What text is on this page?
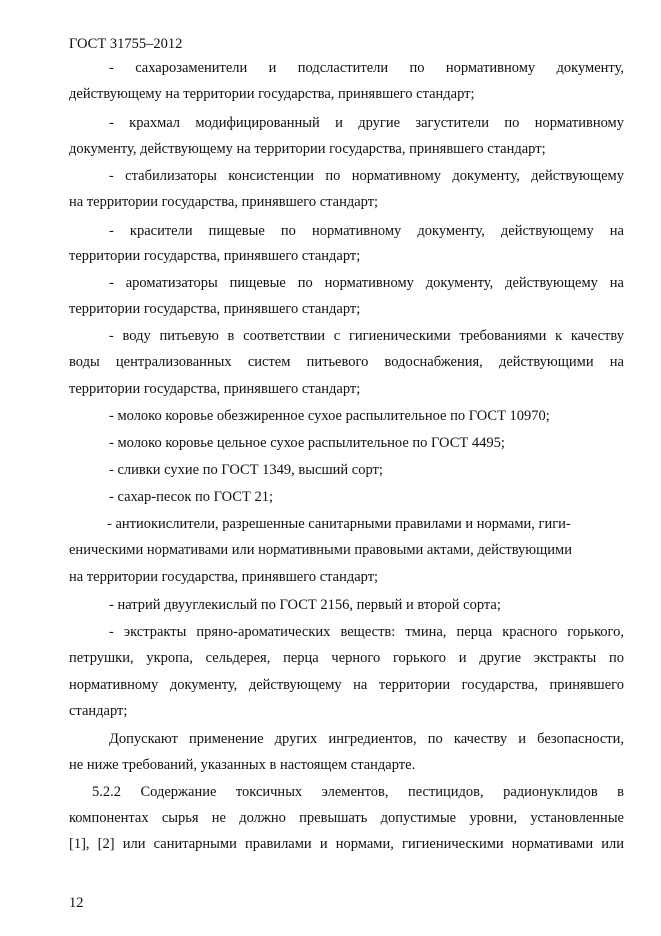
ГОСТ 31755–2012
- сахарозаменители и подсластители по нормативному документу,
действующему на территории государства, принявшего стандарт;
- крахмал модифицированный и другие загустители по нормативному
документу, действующему на территории государства, принявшего стандарт;
- стабилизаторы консистенции по нормативному документу, действующему
на территории государства, принявшего стандарт;
- красители пищевые по нормативному документу, действующему на
территории государства, принявшего стандарт;
- ароматизаторы пищевые по нормативному документу, действующему на
территории государства, принявшего стандарт;
- воду питьевую в соответствии с гигиеническими требованиями к качеству
воды централизованных систем питьевого водоснабжения, действующими на
территории государства, принявшего стандарт;
- молоко коровье обезжиренное сухое распылительное по ГОСТ 10970;
- молоко коровье цельное сухое распылительное по ГОСТ 4495;
- сливки сухие по ГОСТ 1349, высший сорт;
- сахар-песок по ГОСТ 21;
- антиокислители, разрешенные санитарными правилами и нормами, гиги-
еническими нормативами или нормативными правовыми актами, действующими
на территории государства, принявшего стандарт;
- натрий двууглекислый по ГОСТ 2156, первый и второй сорта;
- экстракты пряно-ароматических веществ: тмина, перца красного горького,
петрушки, укропа, сельдерея, перца черного горького и другие экстракты по
нормативному документу, действующему на территории государства, принявшего
стандарт;
Допускают применение других ингредиентов, по качеству и безопасности,
не ниже требований, указанных в настоящем стандарте.
5.2.2 Содержание токсичных элементов, пестицидов, радионуклидов в
компонентах сырья не должно превышать допустимые уровни, установленные
[1], [2] или санитарными правилами и нормами, гигиеническими нормативами или
12
